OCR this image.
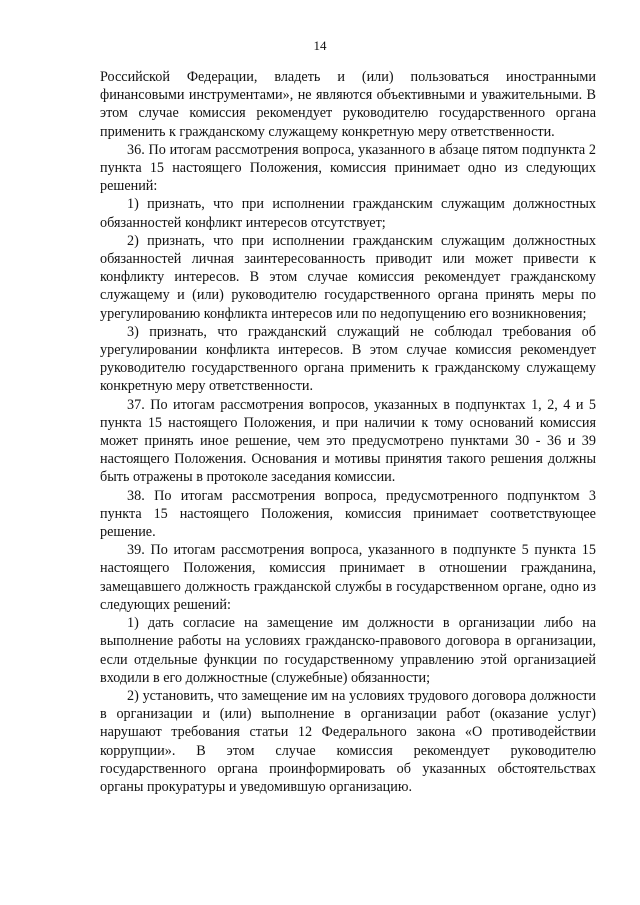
14

Российской Федерации, владеть и (или) пользоваться иностранными финансовыми инструментами», не являются объективными и уважительными. В этом случае комиссия рекомендует руководителю государственного органа применить к гражданскому служащему конкретную меру ответственности.

36. По итогам рассмотрения вопроса, указанного в абзаце пятом подпункта 2 пункта 15 настоящего Положения, комиссия принимает одно из следующих решений:

1) признать, что при исполнении гражданским служащим должностных обязанностей конфликт интересов отсутствует;

2) признать, что при исполнении гражданским служащим должностных обязанностей личная заинтересованность приводит или может привести к конфликту интересов. В этом случае комиссия рекомендует гражданскому служащему и (или) руководителю государственного органа принять меры по урегулированию конфликта интересов или по недопущению его возникновения;

3) признать, что гражданский служащий не соблюдал требования об урегулировании конфликта интересов. В этом случае комиссия рекомендует руководителю государственного органа применить к гражданскому служащему конкретную меру ответственности.

37. По итогам рассмотрения вопросов, указанных в подпунктах 1, 2, 4 и 5 пункта 15 настоящего Положения, и при наличии к тому оснований комиссия может принять иное решение, чем это предусмотрено пунктами 30 - 36 и 39 настоящего Положения. Основания и мотивы принятия такого решения должны быть отражены в протоколе заседания комиссии.

38. По итогам рассмотрения вопроса, предусмотренного подпунктом 3 пункта 15 настоящего Положения, комиссия принимает соответствующее решение.

39. По итогам рассмотрения вопроса, указанного в подпункте 5 пункта 15 настоящего Положения, комиссия принимает в отношении гражданина, замещавшего должность гражданской службы в государственном органе, одно из следующих решений:

1) дать согласие на замещение им должности в организации либо на выполнение работы на условиях гражданско-правового договора в организации, если отдельные функции по государственному управлению этой организацией входили в его должностные (служебные) обязанности;

2) установить, что замещение им на условиях трудового договора должности в организации и (или) выполнение в организации работ (оказание услуг) нарушают требования статьи 12 Федерального закона «О противодействии коррупции». В этом случае комиссия рекомендует руководителю государственного органа проинформировать об указанных обстоятельствах органы прокуратуры и уведомившую организацию.
